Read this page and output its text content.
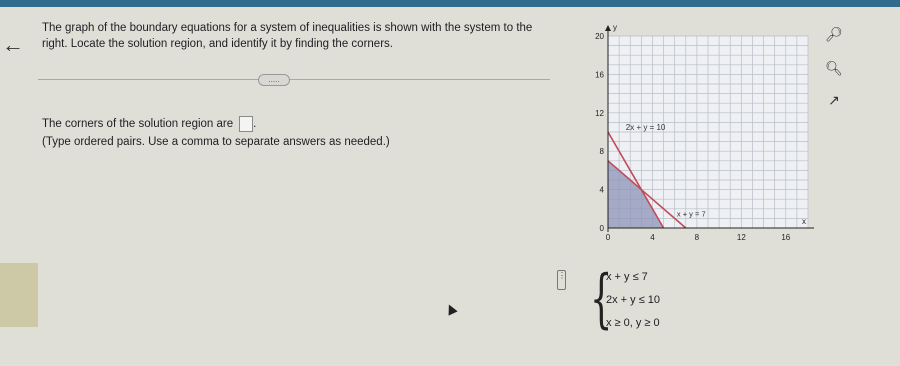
←
The graph of the boundary equations for a system of inequalities is shown with the system to the right. Locate the solution region, and identify it by finding the corners.
.....
The corners of the solution region are .
(Type ordered pairs. Use a comma to separate answers as needed.)
0	4	8	12	16
0
4
8
12
16
20
x
y
2x + y = 10
x + y = 7
🔎︎
🔍︎
↗
⋮ {
x + y ≤ 7
2x + y ≤ 10
x ≥ 0, y ≥ 0
